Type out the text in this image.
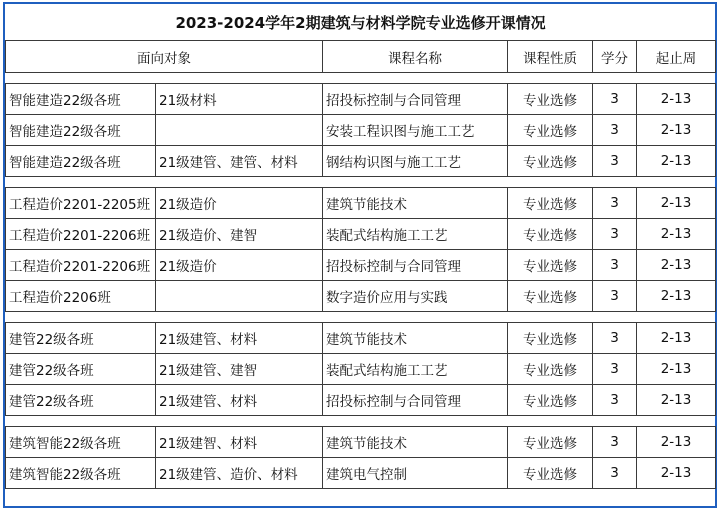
2023-2024学年2期建筑与材料学院专业选修开课情况					
面向对象		课程名称	课程性质	学分	起止周

智能建造22级各班	21级材料	招投标控制与合同管理	专业选修	3	2-13
智能建造22级各班		安装工程识图与施工工艺	专业选修	3	2-13
智能建造22级各班	21级建管、建管、材料	钢结构识图与施工工艺	专业选修	3	2-13

工程造价2201-2205班	21级造价	建筑节能技术	专业选修	3	2-13
工程造价2201-2206班	21级造价、建智	装配式结构施工工艺	专业选修	3	2-13
工程造价2201-2206班	21级造价	招投标控制与合同管理	专业选修	3	2-13
工程造价2206班		数字造价应用与实践	专业选修	3	2-13

建管22级各班	21级建管、材料	建筑节能技术	专业选修	3	2-13
建管22级各班	21级建管、建智	装配式结构施工工艺	专业选修	3	2-13
建管22级各班	21级建管、材料	招投标控制与合同管理	专业选修	3	2-13

建筑智能22级各班	21级建智、材料	建筑节能技术	专业选修	3	2-13
建筑智能22级各班	21级建管、造价、材料	建筑电气控制	专业选修	3	2-13
